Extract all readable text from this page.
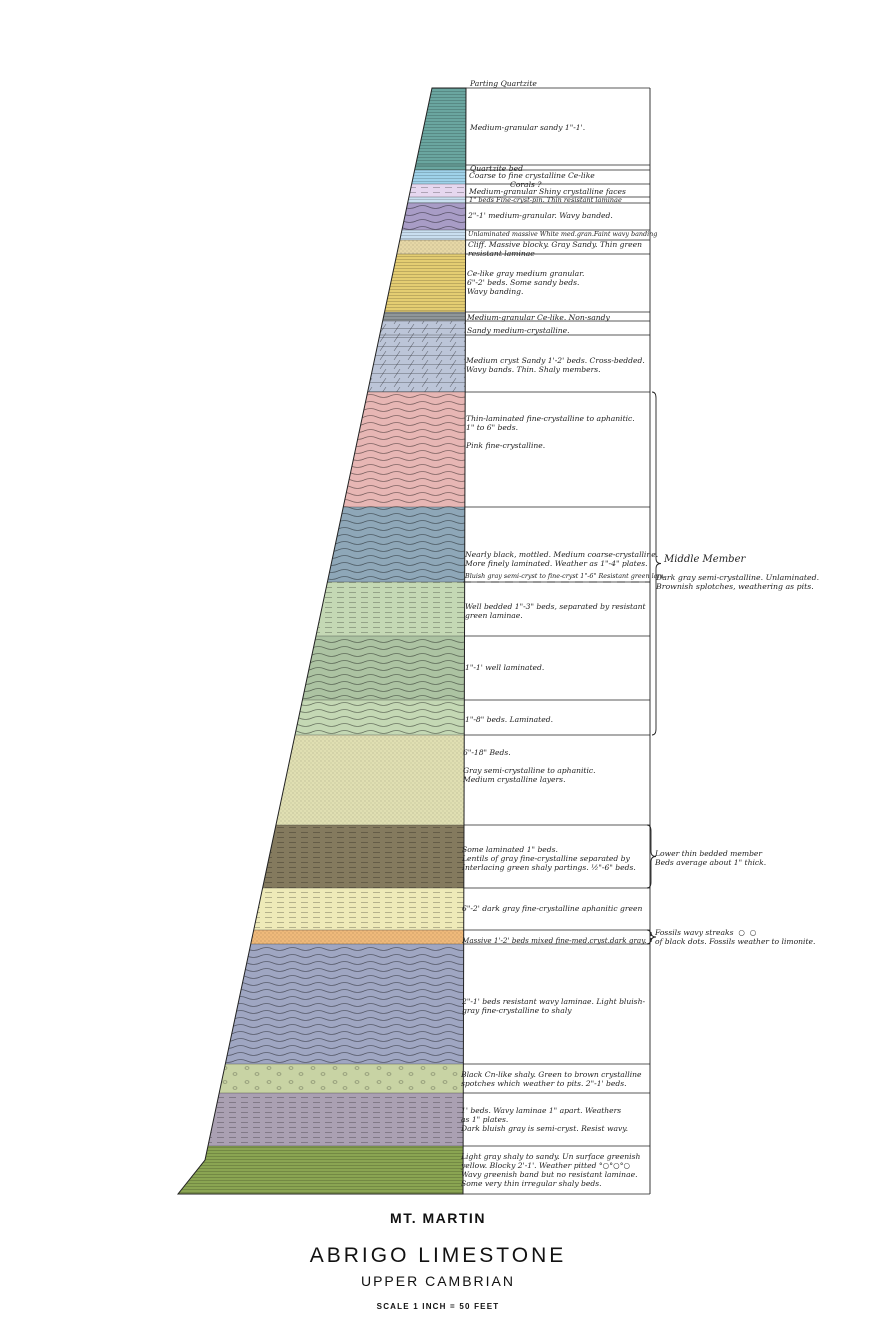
Parting Quartzite
Medium-granular sandy 1"-1'.
Quartzite bed
Coarse to fine crystalline Ce-like
Corals ?
Medium-granular Shiny crystalline faces
1" beds Fine-cryst-pin. Thin resistant laminae
2"-1' medium-granular. Wavy banded.
Unlaminated massive White med.gran.Faint wavy banding
Cliff. Massive blocky. Gray Sandy. Thin green
resistant laminae
Ce-like gray medium granular.
6"-2' beds. Some sandy beds.
Wavy banding.
Medium-granular Ce-like. Non-sandy
Sandy medium-crystalline.
Medium cryst Sandy 1'-2' beds. Cross-bedded.
Wavy bands. Thin. Shaly members.
Thin-laminated fine-crystalline to aphanitic.
1" to 6" beds.

Pink fine-crystalline.
Nearly black, mottled. Medium coarse-crystalline.
More finely laminated. Weather as 1"-4" plates.
Bluish gray semi-cryst to fine-cryst 1"-6" Resistant green lam.
Well bedded 1"-3" beds, separated by resistant
green laminae.
1"-1' well laminated.
1"-8" beds. Laminated.
6"-18" Beds.

Gray semi-crystalline to aphanitic.
Medium crystalline layers.
Some laminated 1" beds.
Lentils of gray fine-crystalline separated by
Interlacing green shaly partings. ½"-6" beds.
6"-2' dark gray fine-crystalline aphanitic green
Massive 1'-2' beds mixed fine-med.cryst.dark gray.
2"-1' beds resistant wavy laminae. Light bluish-
gray fine-crystalline to shaly
Black Cn-like shaly. Green to brown crystalline
spotches which weather to pits. 2"-1' beds.
1' beds. Wavy laminae 1" apart. Weathers
as 1" plates.
Dark bluish gray is semi-cryst. Resist wavy.
Light gray shaly to sandy. Un surface greenish
yellow. Blocky 2'-1'. Weather pitted °○°○°○
Wavy greenish band but no resistant laminae.
Some very thin irregular shaly beds.
Middle Member
Dark gray semi-crystalline. Unlaminated.
Brownish splotches, weathering as pits.
Lower thin bedded member
Beds average about 1" thick.
Fossils wavy streaks  ○  ○
of black dots. Fossils weather to limonite.
MT. MARTIN
ABRIGO LIMESTONE
UPPER CAMBRIAN
SCALE 1 INCH = 50 FEET
